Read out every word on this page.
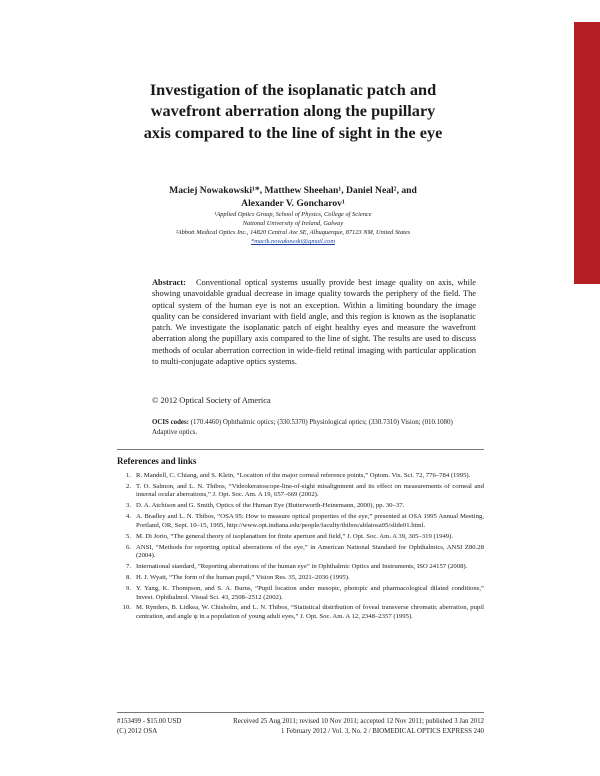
Biomedical OpticsEXPRESS
Investigation of the isoplanatic patch and wavefront aberration along the pupillary axis compared to the line of sight in the eye
Maciej Nowakowski¹*, Matthew Sheehan¹, Daniel Neal², and
Alexander V. Goncharov¹
¹Applied Optics Group, School of Physics, College of Science
National University of Ireland, Galway
²Abbott Medical Optics Inc., 14820 Central Ave SE, Albuquerque, 87123 NM, United States
*macik.nowakowski@gmail.com
Abstract: Conventional optical systems usually provide best image quality on axis, while showing unavoidable gradual decrease in image quality towards the periphery of the field. The optical system of the human eye is not an exception. Within a limiting boundary the image quality can be considered invariant with field angle, and this region is known as the isoplanatic patch. We investigate the isoplanatic patch of eight healthy eyes and measure the wavefront aberration along the pupillary axis compared to the line of sight. The results are used to discuss methods of ocular aberration correction in wide-field retinal imaging with particular application to multi-conjugate adaptive optics systems.
© 2012 Optical Society of America
OCIS codes: (170.4460) Ophthalmic optics; (330.5370) Physiological optics; (330.7310) Vision; (010.1080) Adaptive optics.
References and links
1. R. Mandell, C. Chiang, and S. Klein, “Location of the major corneal reference points,” Optom. Vis. Sci. 72, 776–784 (1995).
2. T. O. Salmon, and L. N. Thibos, “Videokeratoscope-line-of-sight misalignment and its effect on measurements of corneal and internal ocular aberrations,” J. Opt. Soc. Am. A 19, 657–669 (2002).
3. D. A. Atchison and G. Smith, Optics of the Human Eye (Butterworth-Heinemann, 2000), pp. 30–37.
4. A. Bradley and L. N. Thibos, “OSA 95: How to measure optical properties of the eye,” presented at OSA 1995 Annual Meeting, Portland, OR, Sept. 10–15, 1995, http://www.opt.indiana.edu/people/faculty/thibos/ablatosa95/slide01.html.
5. M. Di Jorio, “The general theory of isoplanatism for finite aperture and field,” J. Opt. Soc. Am. A 39, 305–319 (1949).
6. ANSI, “Methods for reporting optical aberrations of the eye,” in American National Standard for Ophthalmics, ANSI Z80.28 (2004).
7. International standard, “Reporting aberrations of the human eye” in Ophthalmic Optics and Instruments, ISO 24157 (2008).
8. H. J. Wyatt, “The form of the human pupil,” Vision Res. 35, 2021–2036 (1995).
9. Y. Yang, K. Thompson, and S. A. Burns, “Pupil location under mesopic, photopic and pharmacological dilated conditions,” Invest. Ophthalmol. Visual Sci. 43, 2508–2512 (2002).
10. M. Rynders, B. Lidkea, W. Chisholm, and L. N. Thibos, “Statistical distribution of foveal transverse chromatic aberration, pupil centration, and angle ψ in a population of young adult eyes,” J. Opt. Soc. Am. A 12, 2348–2357 (1995).
#153499 - $15.00 USD	Received 25 Aug 2011; revised 10 Nov 2011; accepted 12 Nov 2011; published 3 Jan 2012
(C) 2012 OSA	1 February 2012 / Vol. 3, No. 2 / BIOMEDICAL OPTICS EXPRESS 240
